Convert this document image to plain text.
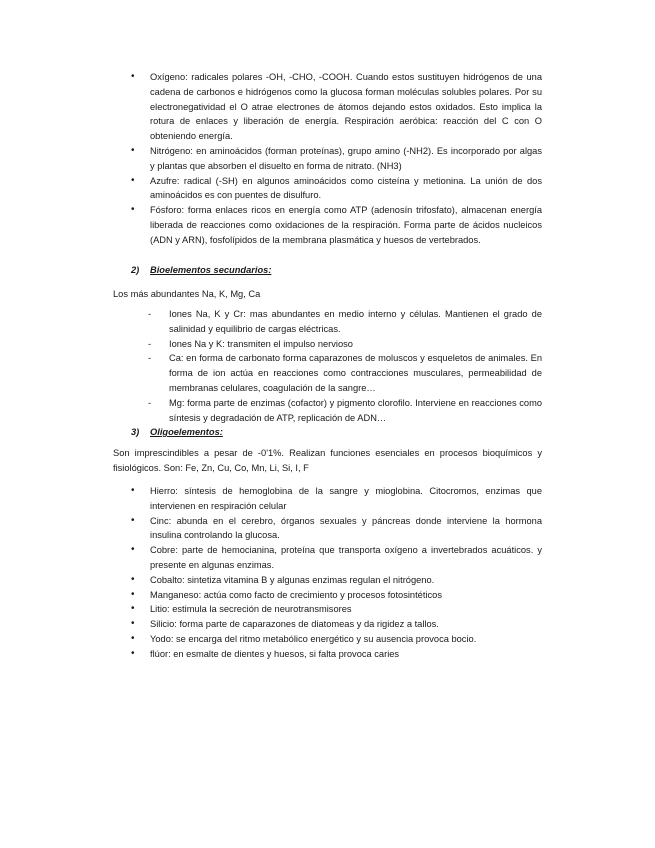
• Oxígeno: radicales polares -OH, -CHO, -COOH. Cuando estos sustituyen hidrógenos de una cadena de carbonos e hidrógenos como la glucosa forman moléculas solubles polares. Por su electronegatividad el O atrae electrones de átomos dejando estos oxidados. Esto implica la rotura de enlaces y liberación de energía. Respiración aeróbica: reacción del C con O obteniendo energía.
• Nitrógeno: en aminoácidos (forman proteínas), grupo amino (-NH2). Es incorporado por algas y plantas que absorben el disuelto en forma de nitrato. (NH3)
• Azufre: radical (-SH) en algunos aminoácidos como cisteína y metionina. La unión de dos aminoácidos es con puentes de disulfuro.
• Fósforo: forma enlaces ricos en energía como ATP (adenosín trifosfato), almacenan energía liberada de reacciones como oxidaciones de la respiración. Forma parte de ácidos nucleicos (ADN y ARN), fosfolípidos de la membrana plasmática y huesos de vertebrados.
2) Bioelementos secundarios:
Los más abundantes Na, K, Mg, Ca
- Iones Na, K y Cr: mas abundantes en medio interno y células. Mantienen el grado de salinidad y equilibrio de cargas eléctricas.
- Iones Na y K: transmiten el impulso nervioso
- Ca: en forma de carbonato forma caparazones de moluscos y esqueletos de animales. En forma de ion actúa en reacciones como contracciones musculares, permeabilidad de membranas celulares, coagulación de la sangre…
- Mg: forma parte de enzimas (cofactor) y pigmento clorofilo. Interviene en reacciones como síntesis y degradación de ATP, replicación de ADN…
3) Oligoelementos:
Son imprescindibles a pesar de -0'1%. Realizan funciones esenciales en procesos bioquímicos y fisiológicos. Son: Fe, Zn, Cu, Co, Mn, Li, Si, I, F
• Hierro: síntesis de hemoglobina de la sangre y mioglobina. Citocromos, enzimas que intervienen en respiración celular
• Cinc: abunda en el cerebro, órganos sexuales y páncreas donde interviene la hormona insulina controlando la glucosa.
• Cobre: parte de hemocianina, proteína que transporta oxígeno a invertebrados acuáticos. y presente en algunas enzimas.
• Cobalto: sintetiza vitamina B y algunas enzimas regulan el nitrógeno.
• Manganeso: actúa como facto de crecimiento y procesos fotosintéticos
• Litio: estimula la secreción de neurotransmisores
• Silicio: forma parte de caparazones de diatomeas y da rigidez a tallos.
• Yodo: se encarga del ritmo metabólico energético y su ausencia provoca bocio.
• flúor: en esmalte de dientes y huesos, si falta provoca caries
